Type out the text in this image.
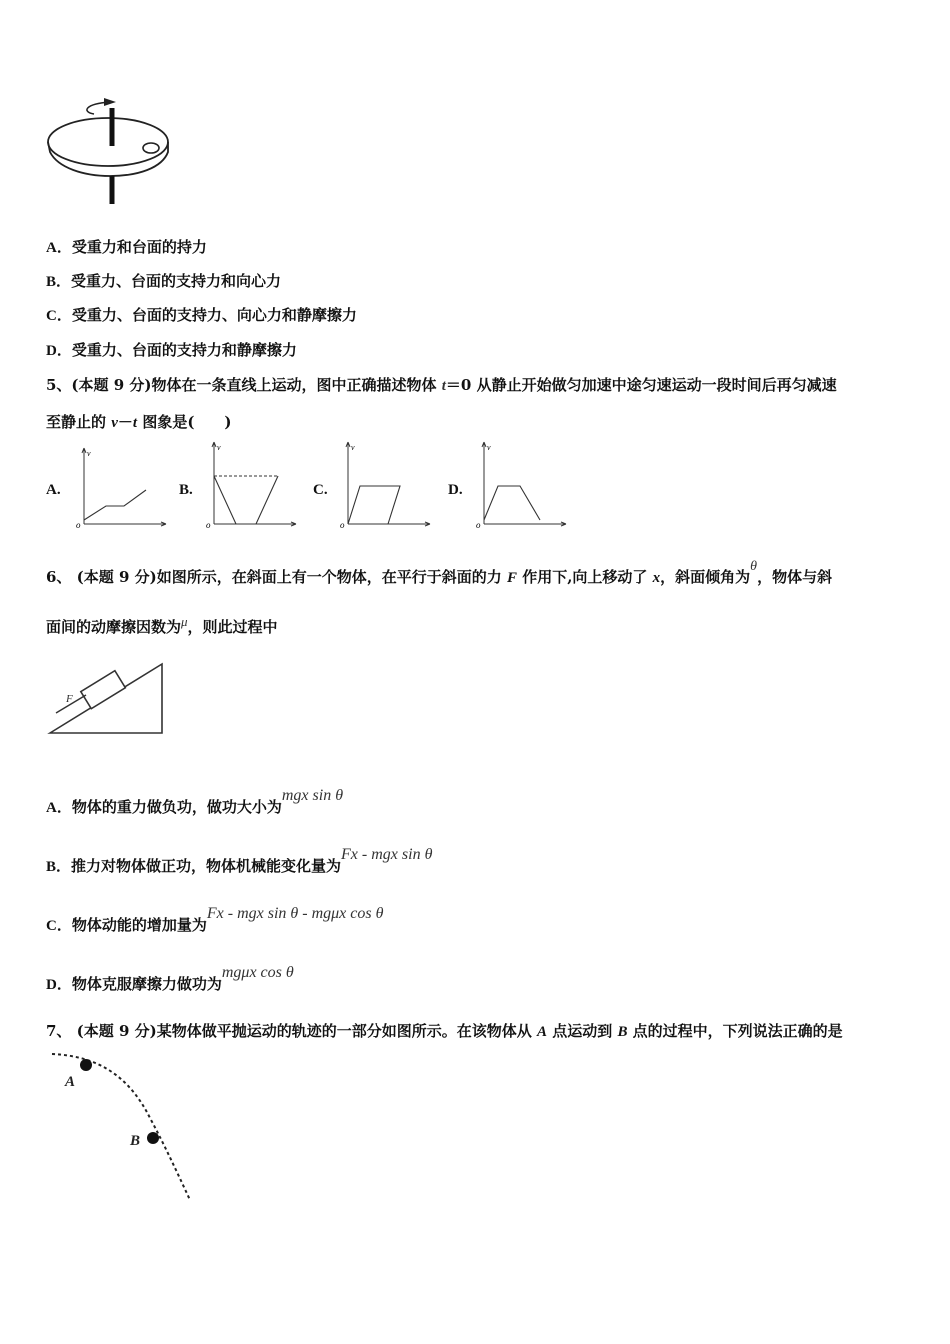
A．受重力和台面的持力
B．受重力、台面的支持力和向心力
C．受重力、台面的支持力、向心力和静摩擦力
D．受重力、台面的支持力和静摩擦力
5、(本题 9 分)物体在一条直线上运动，图中正确描述物体 t＝0 从静止开始做匀加速中途匀速运动一段时间后再匀减速
至静止的 v－t 图象是(　　)
A.
v
o
B.
v
o
C.
v
o
D.
v
o
6、 (本题 9 分)如图所示，在斜面上有一个物体，在平行于斜面的力 F 作用下,向上移动了 x，斜面倾角为θ，物体与斜
面间的动摩擦因数为μ，则此过程中
F
A．物体的重力做负功，做功大小为mgx sin θ
B．推力对物体做正功，物体机械能变化量为Fx - mgx sin θ
C．物体动能的增加量为Fx - mgx sin θ - mgμx cos θ
D．物体克服摩擦力做功为mgμx cos θ
7、 (本题 9 分)某物体做平抛运动的轨迹的一部分如图所示。在该物体从 A 点运动到 B 点的过程中，下列说法正确的是
A
B
